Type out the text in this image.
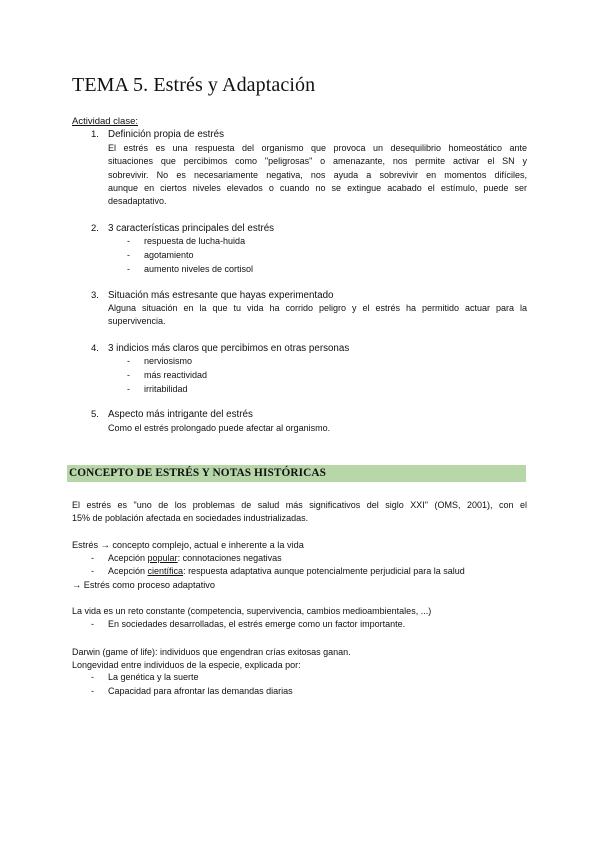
TEMA 5. Estrés y Adaptación
Actividad clase:
1. Definición propia de estrés
El estrés es una respuesta del organismo que provoca un desequilibrio homeostático ante
situaciones que percibimos como "peligrosas" o amenazante, nos permite activar el SN y
sobrevivir. No es necesariamente negativa, nos ayuda a sobrevivir en momentos difíciles,
aunque en ciertos niveles elevados o cuando no se extingue acabado el estímulo, puede ser
desadaptativo.
2. 3 características principales del estrés
- respuesta de lucha-huida
- agotamiento
- aumento niveles de cortisol
3. Situación más estresante que hayas experimentado
Alguna situación en la que tu vida ha corrido peligro y el estrés ha permitido actuar para la
supervivencia.
4. 3 indicios más claros que percibimos en otras personas
- nerviosismo
- más reactividad
- irritabilidad
5. Aspecto más intrigante del estrés
Como el estrés prolongado puede afectar al organismo.
CONCEPTO DE ESTRÉS Y NOTAS HISTÓRICAS
El estrés es "uno de los problemas de salud más significativos del siglo XXI" (OMS, 2001), con el
15% de población afectada en sociedades industrializadas.
Estrés → concepto complejo, actual e inherente a la vida
- Acepción popular: connotaciones negativas
- Acepción científica: respuesta adaptativa aunque potencialmente perjudicial para la salud
→ Estrés como proceso adaptativo
La vida es un reto constante (competencia, supervivencia, cambios medioambientales, ...)
- En sociedades desarrolladas, el estrés emerge como un factor importante.
Darwin (game of life): individuos que engendran crías exitosas ganan.
Longevidad entre individuos de la especie, explicada por:
- La genética y la suerte
- Capacidad para afrontar las demandas diarias
